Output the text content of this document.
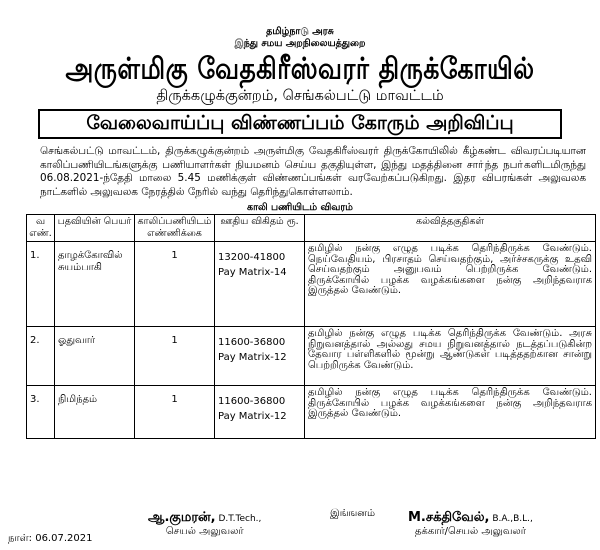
தமிழ்நாடு அரசு
இந்து சமய அறநிலையத்துறை
அருள்மிகு வேதகிரீஸ்வரர் திருக்கோயில்
திருக்கழுக்குன்றம், செங்கல்பட்டு மாவட்டம்
வேலைவாய்ப்பு விண்ணப்பம் கோரும் அறிவிப்பு
செங்கல்பட்டு மாவட்டம், திருக்கழுக்குன்றம் அருள்மிகு வேதகிரீஸ்வரர் திருக்கோயிலில் கீழ்கண்ட விவரப்படியான காலிப்பணியிடங்களுக்கு பணியாளர்கள் நியமனம் செய்ய தகுதியுள்ள, இந்து மதத்தினை சாா்ந்த நபா்களிடமிருந்து 06.08.2021-ந்தேதி மாலை 5.45 மணிக்குள் விண்ணப்பங்கள் வரவேற்கப்படுகிறது. இதர விபரங்கள் அலுவலக நாட்களில் அலுவலக நேரத்தில் நேரில் வந்து தெரிந்துகொள்ளலாம்.
காலி பணியிடம் விவரம்
வ எண்.	பதவியின் பெயர்	காலிப்பணியிடம் எண்ணிக்கை	ஊதிய விகிதம் ரூ.	கல்வித்தகுதிகள்
1.	தாழக்கோவில் சுயம்பாகி	1	13200-41800
Pay Matrix-14	தமிழில் நன்கு எழுத படிக்க தெரிந்திருக்க வேண்டும். நெய்வேதியம், பிரசாதம் செய்வதற்கும், அர்ச்சகருக்கு உதவி செய்வதற்கும் அனுபவம் பெற்றிருக்க வேண்டும். திருக்கோயில் பழக்க வழக்கங்களை நன்கு அறிந்தவராக இருத்தல் வேண்டும்.
2.	ஓதுவார்	1	11600-36800
Pay Matrix-12	தமிழில் நன்கு எழுத படிக்க தெரிந்திருக்க வேண்டும். அரசு நிறுவனத்தால் அல்லது சமய நிறுவனத்தால் நடத்தப்படுகின்ற தேவார பள்ளிகளில் மூன்று ஆண்டுகள் படித்ததற்கான சான்று பெற்றிருக்க வேண்டும்.
3.	நிமிந்தம்	1	11600-36800
Pay Matrix-12	தமிழில் நன்கு எழுத படிக்க தெரிந்திருக்க வேண்டும். திருக்கோயில் பழக்க வழக்கங்களை நன்கு அறிந்தவராக இருத்தல் வேண்டும்.
நாள்: 06.07.2021
ஆ.குமரன், D.T.Tech.,
செயல் அலுவலர்
இங்ஙனம்	M.சக்திவேல், B.A.,B.L.,
தக்கார்/செயல் அலுவலர்
